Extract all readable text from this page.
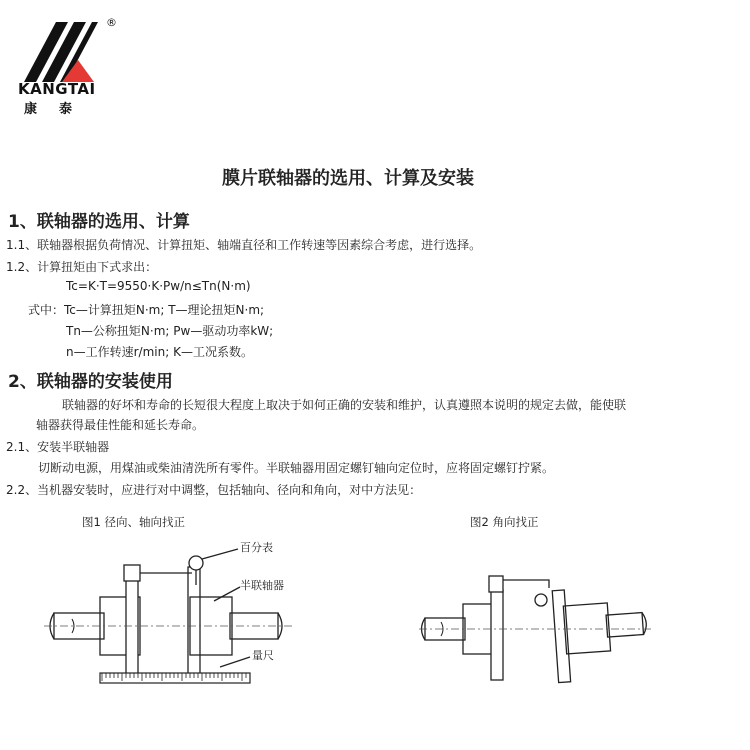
®
KANGTAI
康泰
膜片联轴器的选用、计算及安装
1、联轴器的选用、计算
1.1、联轴器根据负荷情况、计算扭矩、轴端直径和工作转速等因素综合考虑，进行选择。
1.2、计算扭矩由下式求出：
Tc=K·T=9550·K·Pw/n≤Tn(N·m)
式中：Tc—计算扭矩N·m; T—理论扭矩N·m;
Tn—公称扭矩N·m; Pw—驱动功率kW;
n—工作转速r/min; K—工况系数。
2、联轴器的安装使用
联轴器的好坏和寿命的长短很大程度上取决于如何正确的安装和维护，认真遵照本说明的规定去做，能使联
轴器获得最佳性能和延长寿命。
2.1、安装半联轴器
切断动电源，用煤油或柴油清洗所有零件。半联轴器用固定螺钉轴向定位时，应将固定螺钉拧紧。
2.2、当机器安装时，应进行对中调整，包括轴向、径向和角向，对中方法见：
图1 径向、轴向找正	图2 角向找正
百分表
半联轴器
量尺
